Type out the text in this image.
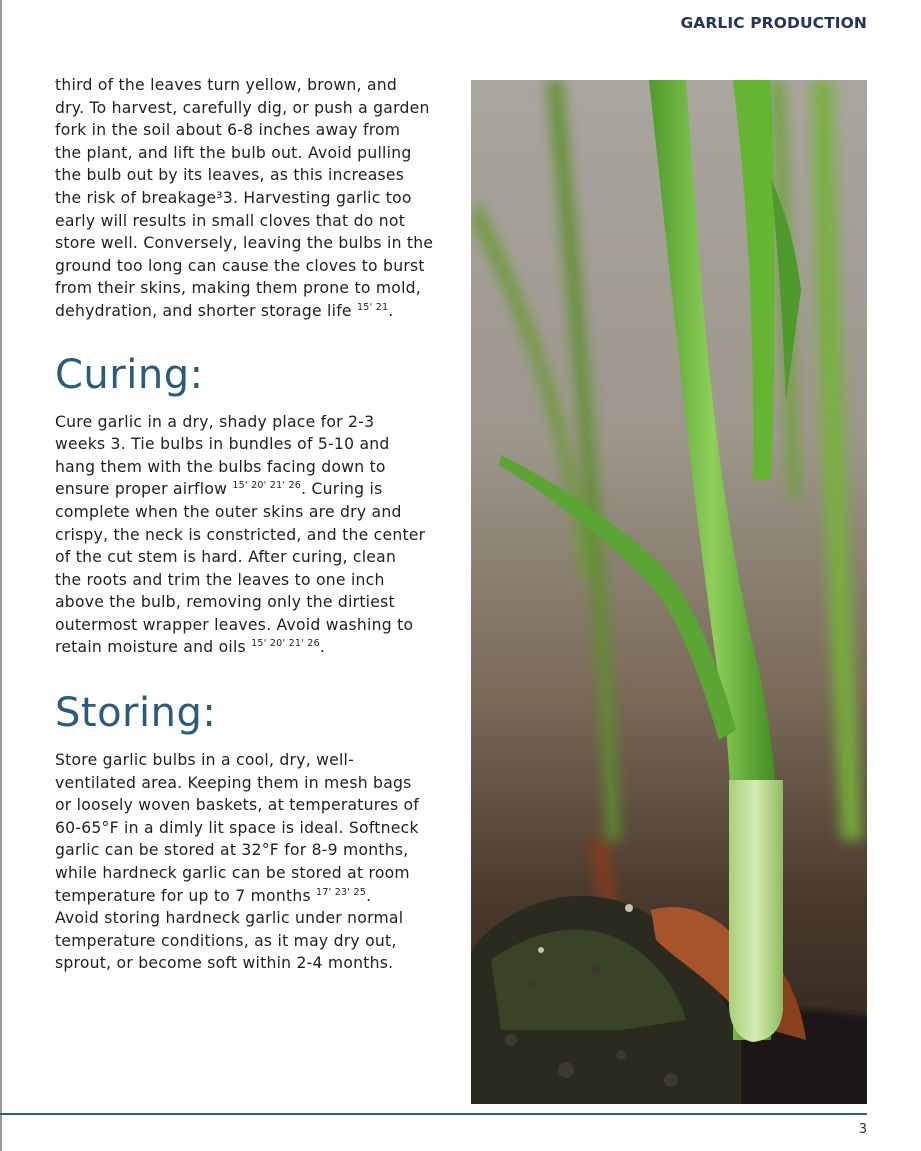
GARLIC PRODUCTION

third of the leaves turn yellow, brown, and
dry. To harvest, carefully dig, or push a garden
fork in the soil about 6-8 inches away from
the plant, and lift the bulb out. Avoid pulling
the bulb out by its leaves, as this increases
the risk of breakage³3. Harvesting garlic too
early will results in small cloves that do not
store well. Conversely, leaving the bulbs in the
ground too long can cause the cloves to burst
from their skins, making them prone to mold,
dehydration, and shorter storage life $^{15' 21}$.

Curing:

Cure garlic in a dry, shady place for 2-3
weeks 3. Tie bulbs in bundles of 5-10 and
hang them with the bulbs facing down to
ensure proper airflow $^{15' 20' 21' 26}$. Curing is
complete when the outer skins are dry and
crispy, the neck is constricted, and the center
of the cut stem is hard. After curing, clean
the roots and trim the leaves to one inch
above the bulb, removing only the dirtiest
outermost wrapper leaves. Avoid washing to
retain moisture and oils $^{15' 20' 21' 26}$.

Storing:

Store garlic bulbs in a cool, dry, well-
ventilated area. Keeping them in mesh bags
or loosely woven baskets, at temperatures of
60-65°F in a dimly lit space is ideal. Softneck
garlic can be stored at 32°F for 8-9 months,
while hardneck garlic can be stored at room
temperature for up to 7 months $^{17' 23' 25}$.
Avoid storing hardneck garlic under normal
temperature conditions, as it may dry out,
sprout, or become soft within 2-4 months.

3
